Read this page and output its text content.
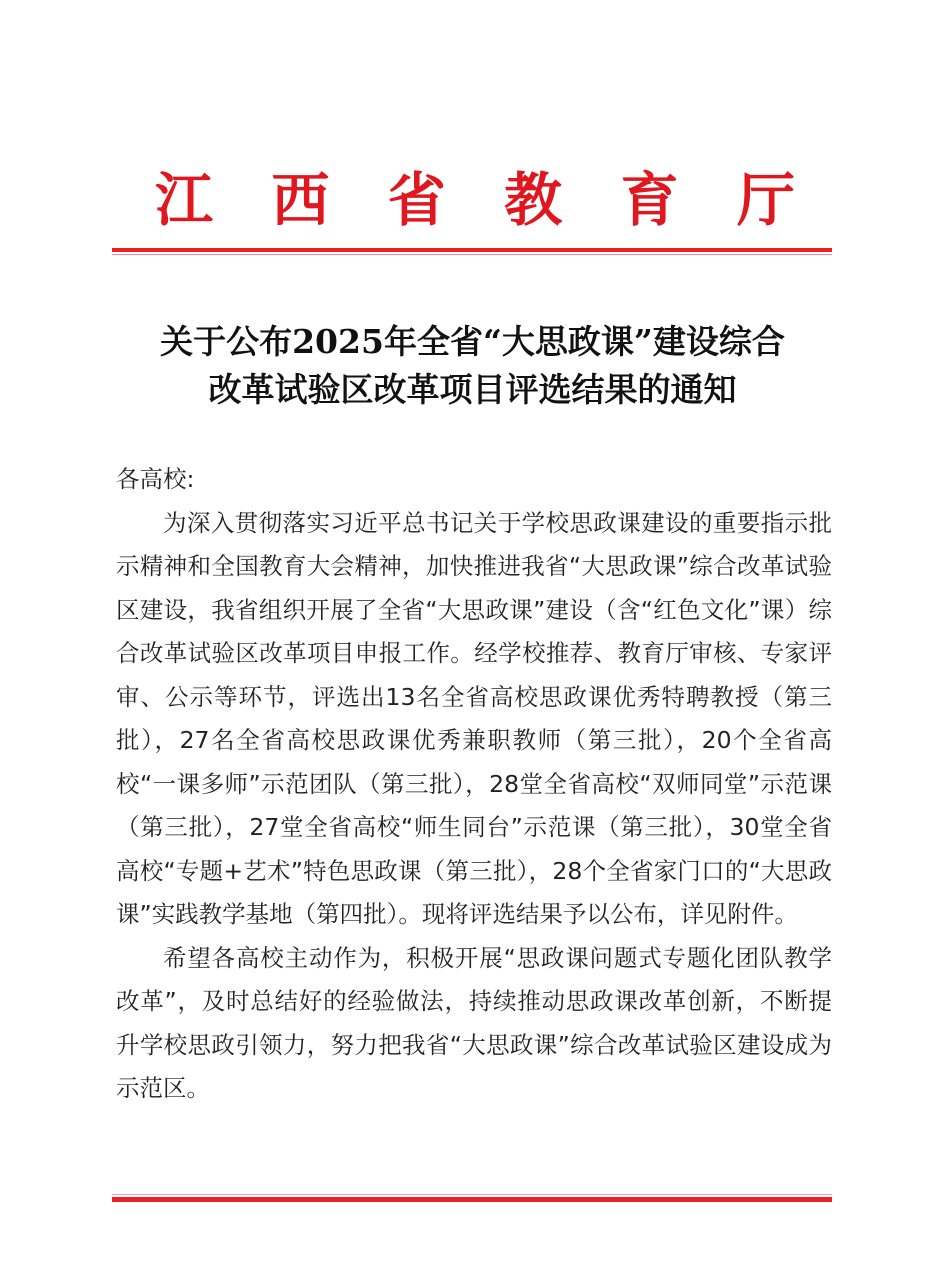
江 西 省 教 育 厅
关于公布2025年全省“大思政课”建设综合
改革试验区改革项目评选结果的通知

各高校:

为深入贯彻落实习近平总书记关于学校思政课建设的重要指示批示精神和全国教育大会精神，加快推进我省“大思政课”综合改革试验区建设，我省组织开展了全省“大思政课”建设（含“红色文化”课）综合改革试验区改革项目申报工作。经学校推荐、教育厅审核、专家评审、公示等环节，评选出13名全省高校思政课优秀特聘教授（第三批），27名全省高校思政课优秀兼职教师（第三批），20个全省高校“一课多师”示范团队（第三批），28堂全省高校“双师同堂”示范课（第三批），27堂全省高校“师生同台”示范课（第三批），30堂全省高校“专题+艺术”特色思政课（第三批），28个全省家门口的“大思政课”实践教学基地（第四批）。现将评选结果予以公布，详见附件。

希望各高校主动作为，积极开展“思政课问题式专题化团队教学改革”，及时总结好的经验做法，持续推动思政课改革创新，不断提升学校思政引领力，努力把我省“大思政课”综合改革试验区建设成为示范区。
